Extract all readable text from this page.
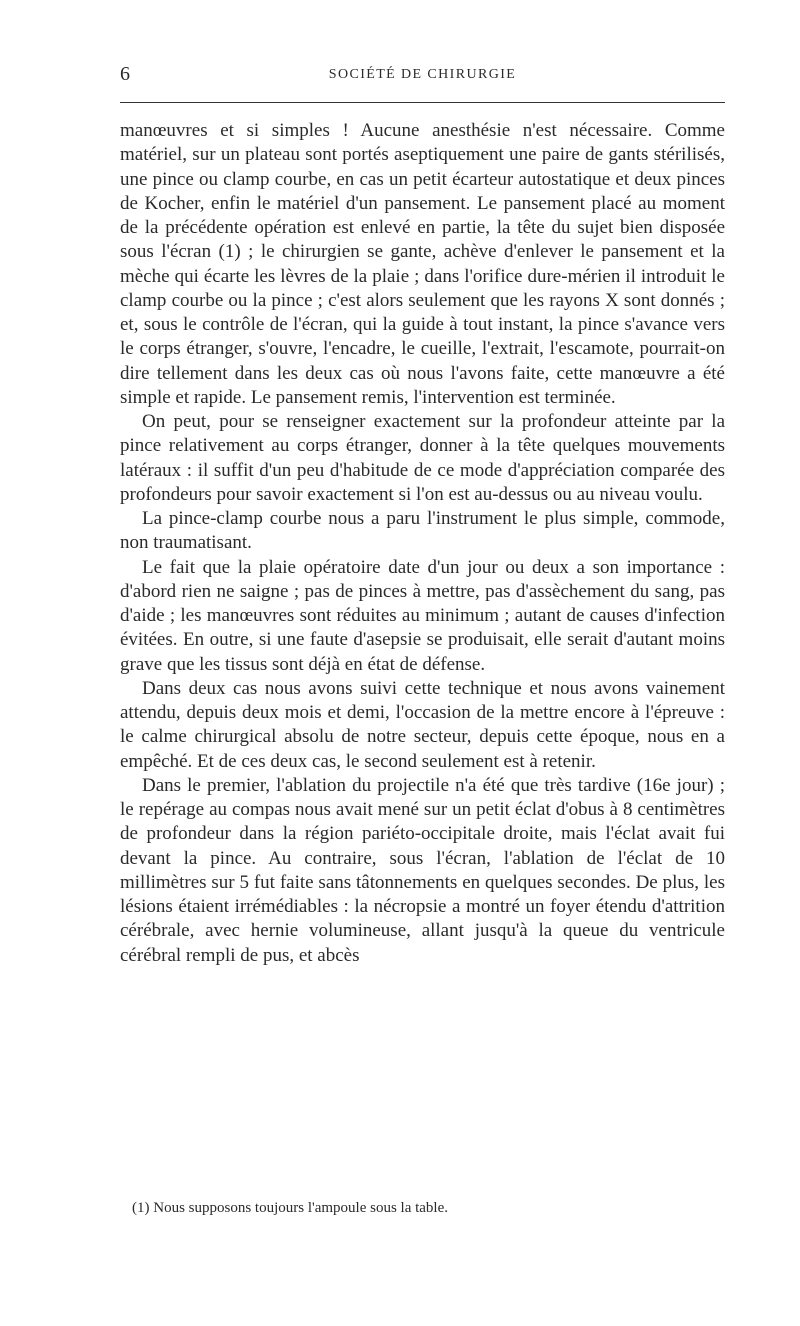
6	SOCIÉTÉ DE CHIRURGIE

manœuvres et si simples ! Aucune anesthésie n'est nécessaire. Comme matériel, sur un plateau sont portés aseptiquement une paire de gants stérilisés, une pince ou clamp courbe, en cas un petit écarteur autostatique et deux pinces de Kocher, enfin le matériel d'un pansement. Le pansement placé au moment de la précédente opération est enlevé en partie, la tête du sujet bien disposée sous l'écran (1) ; le chirurgien se gante, achève d'enlever le pansement et la mèche qui écarte les lèvres de la plaie ; dans l'orifice dure-mérien il introduit le clamp courbe ou la pince ; c'est alors seulement que les rayons X sont donnés ; et, sous le contrôle de l'écran, qui la guide à tout instant, la pince s'avance vers le corps étranger, s'ouvre, l'encadre, le cueille, l'extrait, l'escamote, pourrait-on dire tellement dans les deux cas où nous l'avons faite, cette manœuvre a été simple et rapide. Le pansement remis, l'intervention est terminée.

On peut, pour se renseigner exactement sur la profondeur atteinte par la pince relativement au corps étranger, donner à la tête quelques mouvements latéraux : il suffit d'un peu d'habitude de ce mode d'appréciation comparée des profondeurs pour savoir exactement si l'on est au-dessus ou au niveau voulu.

La pince-clamp courbe nous a paru l'instrument le plus simple, commode, non traumatisant.

Le fait que la plaie opératoire date d'un jour ou deux a son importance : d'abord rien ne saigne ; pas de pinces à mettre, pas d'assèchement du sang, pas d'aide ; les manœuvres sont réduites au minimum ; autant de causes d'infection évitées. En outre, si une faute d'asepsie se produisait, elle serait d'autant moins grave que les tissus sont déjà en état de défense.

Dans deux cas nous avons suivi cette technique et nous avons vainement attendu, depuis deux mois et demi, l'occasion de la mettre encore à l'épreuve : le calme chirurgical absolu de notre secteur, depuis cette époque, nous en a empêché. Et de ces deux cas, le second seulement est à retenir.

Dans le premier, l'ablation du projectile n'a été que très tardive (16e jour) ; le repérage au compas nous avait mené sur un petit éclat d'obus à 8 centimètres de profondeur dans la région pariéto-occipitale droite, mais l'éclat avait fui devant la pince. Au contraire, sous l'écran, l'ablation de l'éclat de 10 millimètres sur 5 fut faite sans tâtonnements en quelques secondes. De plus, les lésions étaient irrémédiables : la nécropsie a montré un foyer étendu d'attrition cérébrale, avec hernie volumineuse, allant jusqu'à la queue du ventricule cérébral rempli de pus, et abcès

(1) Nous supposons toujours l'ampoule sous la table.
